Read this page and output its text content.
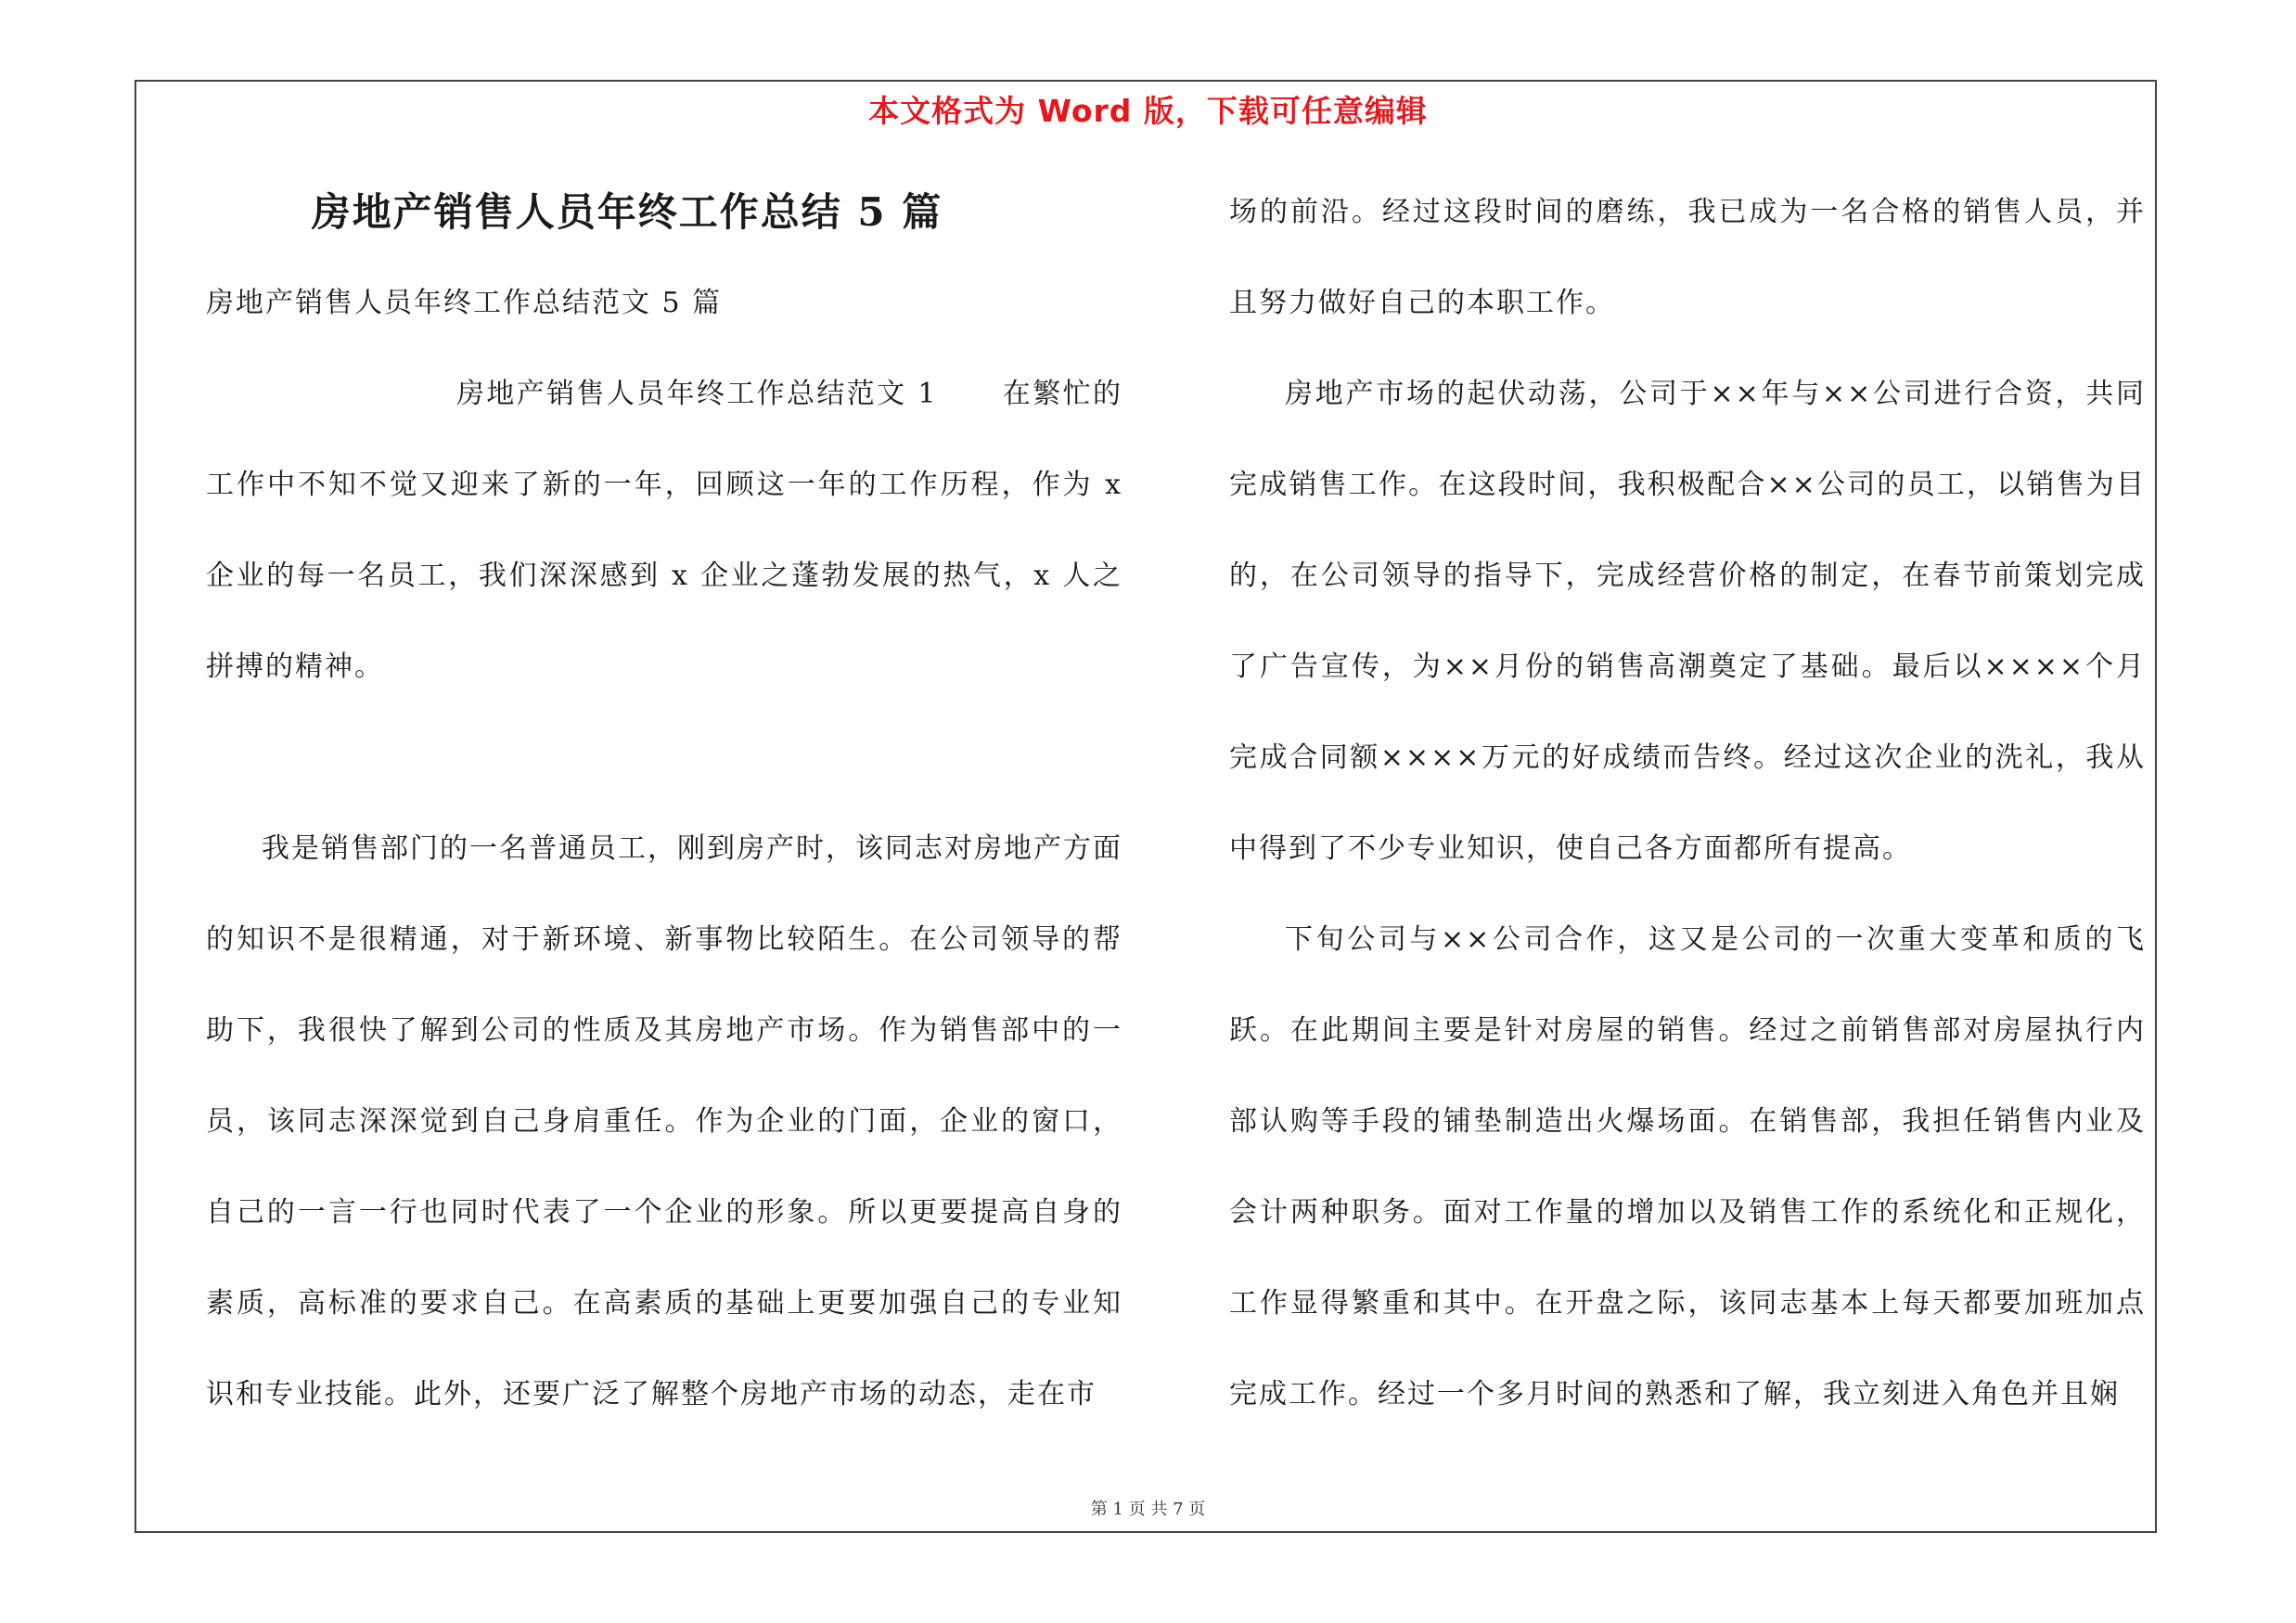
本文格式为 Word 版，下载可任意编辑
房地产销售人员年终工作总结 5 篇

房地产销售人员年终工作总结范文 5 篇

房地产销售人员年终工作总结范文 1 在繁忙的工作中不知不觉又迎来了新的一年，回顾这一年的工作历程，作为 x 企业的每一名员工，我们深深感到 x 企业之蓬勃发展的热气，x 人之拼搏的精神。

我是销售部门的一名普通员工，刚到房产时，该同志对房地产方面的知识不是很精通，对于新环境、新事物比较陌生。在公司领导的帮助下，我很快了解到公司的性质及其房地产市场。作为销售部中的一员，该同志深深觉到自己身肩重任。作为企业的门面，企业的窗口，自己的一言一行也同时代表了一个企业的形象。所以更要提高自身的素质，高标准的要求自己。在高素质的基础上更要加强自己的专业知识和专业技能。此外，还要广泛了解整个房地产市场的动态，走在市

场的前沿。经过这段时间的磨练，我已成为一名合格的销售人员，并且努力做好自己的本职工作。

房地产市场的起伏动荡，公司于××年与××公司进行合资，共同完成销售工作。在这段时间，我积极配合××公司的员工，以销售为目的，在公司领导的指导下，完成经营价格的制定，在春节前策划完成了广告宣传，为××月份的销售高潮奠定了基础。最后以××××个月完成合同额××××万元的好成绩而告终。经过这次企业的洗礼，我从中得到了不少专业知识，使自己各方面都所有提高。

下旬公司与××公司合作，这又是公司的一次重大变革和质的飞跃。在此期间主要是针对房屋的销售。经过之前销售部对房屋执行内部认购等手段的铺垫制造出火爆场面。在销售部，我担任销售内业及会计两种职务。面对工作量的增加以及销售工作的系统化和正规化，工作显得繁重和其中。在开盘之际，该同志基本上每天都要加班加点完成工作。经过一个多月时间的熟悉和了解，我立刻进入角色并且娴

第 1 页 共 7 页
